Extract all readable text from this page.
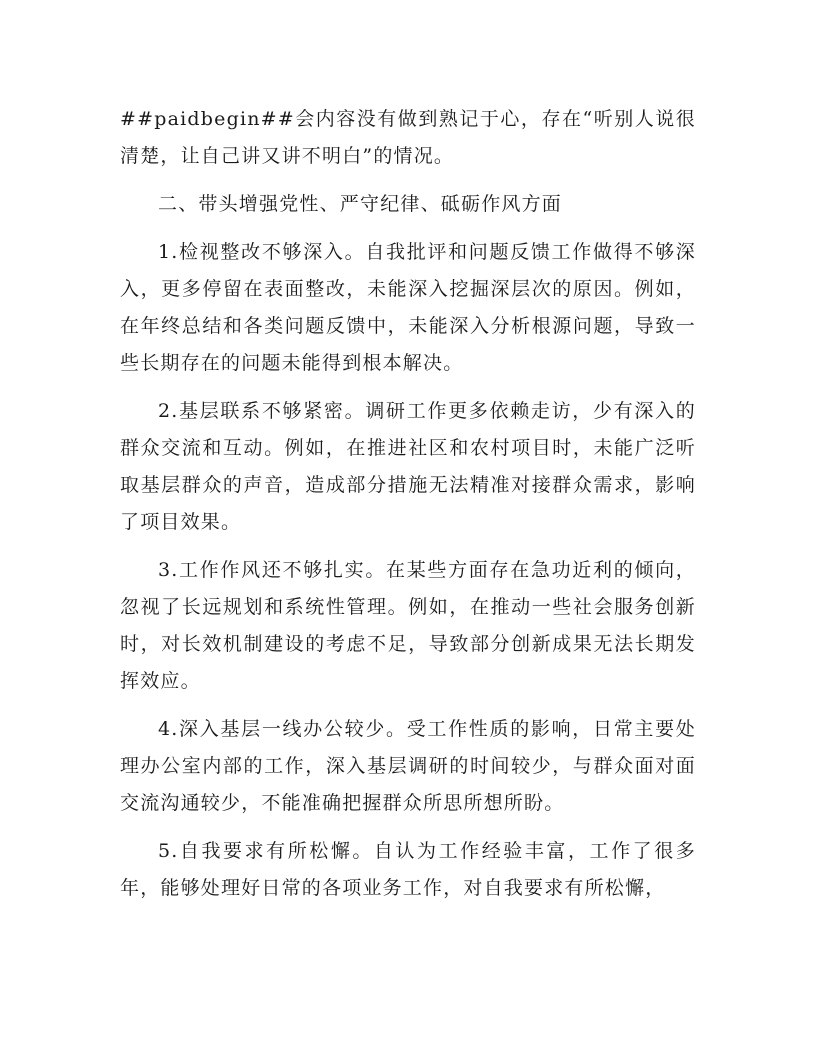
##paidbegin##会内容没有做到熟记于心，存在“听别人说很清楚，让自己讲又讲不明白”的情况。

二、带头增强党性、严守纪律、砥砺作风方面

1.检视整改不够深入。自我批评和问题反馈工作做得不够深入，更多停留在表面整改，未能深入挖掘深层次的原因。例如，在年终总结和各类问题反馈中，未能深入分析根源问题，导致一些长期存在的问题未能得到根本解决。

2.基层联系不够紧密。调研工作更多依赖走访，少有深入的群众交流和互动。例如，在推进社区和农村项目时，未能广泛听取基层群众的声音，造成部分措施无法精准对接群众需求，影响了项目效果。

3.工作作风还不够扎实。在某些方面存在急功近利的倾向，忽视了长远规划和系统性管理。例如，在推动一些社会服务创新时，对长效机制建设的考虑不足，导致部分创新成果无法长期发挥效应。

4.深入基层一线办公较少。受工作性质的影响，日常主要处理办公室内部的工作，深入基层调研的时间较少，与群众面对面交流沟通较少，不能准确把握群众所思所想所盼。

5.自我要求有所松懈。自认为工作经验丰富，工作了很多年，能够处理好日常的各项业务工作，对自我要求有所松懈，
